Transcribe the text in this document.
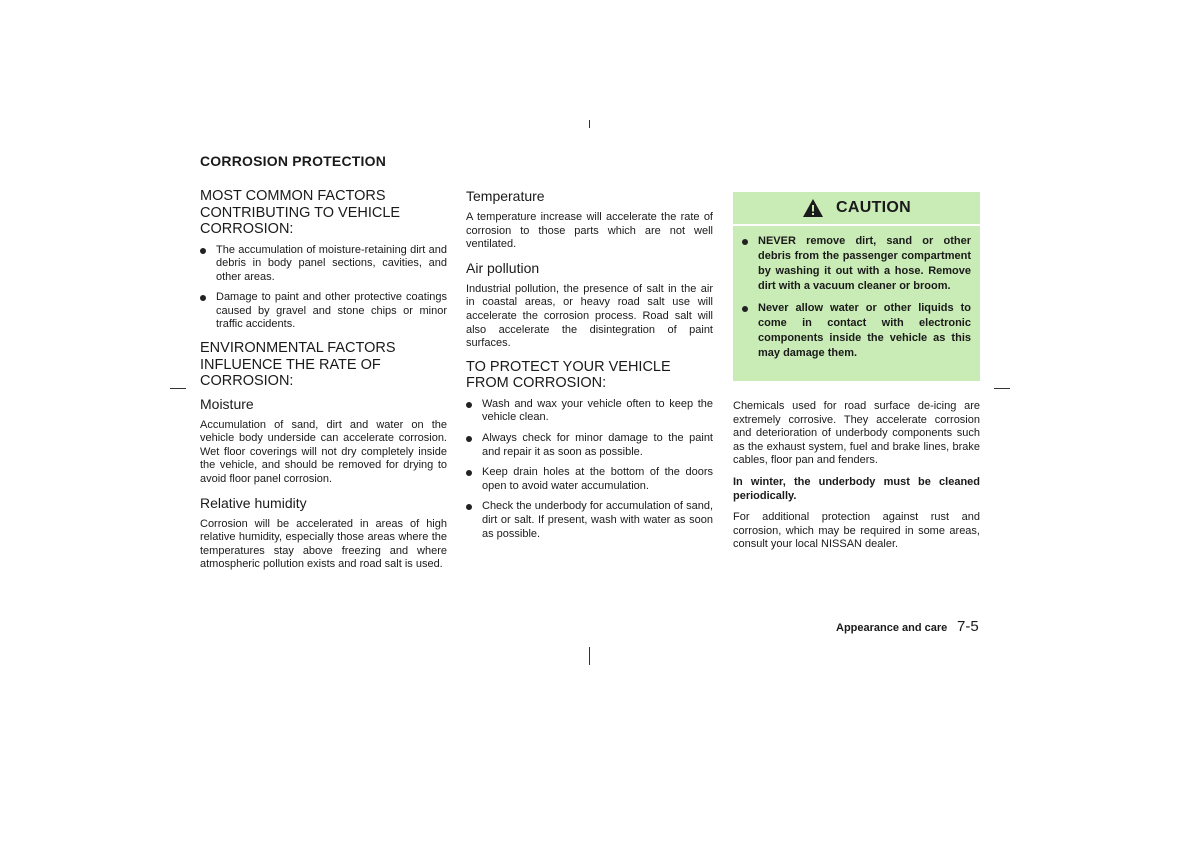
CORROSION PROTECTION
MOST COMMON FACTORS CONTRIBUTING TO VEHICLE CORROSION:
The accumulation of moisture-retaining dirt and debris in body panel sections, cavities, and other areas.
Damage to paint and other protective coatings caused by gravel and stone chips or minor traffic accidents.
ENVIRONMENTAL FACTORS INFLUENCE THE RATE OF CORROSION:
Moisture

Accumulation of sand, dirt and water on the vehicle body underside can accelerate corrosion. Wet floor coverings will not dry completely inside the vehicle, and should be removed for drying to avoid floor panel corrosion.

Relative humidity

Corrosion will be accelerated in areas of high relative humidity, especially those areas where the temperatures stay above freezing and where atmospheric pollution exists and road salt is used.

Temperature

A temperature increase will accelerate the rate of corrosion to those parts which are not well ventilated.

Air pollution

Industrial pollution, the presence of salt in the air in coastal areas, or heavy road salt use will accelerate the corrosion process. Road salt will also accelerate the disintegration of paint surfaces.

TO PROTECT YOUR VEHICLE FROM CORROSION:
Wash and wax your vehicle often to keep the vehicle clean.
Always check for minor damage to the paint and repair it as soon as possible.
Keep drain holes at the bottom of the doors open to avoid water accumulation.
Check the underbody for accumulation of sand, dirt or salt. If present, wash with water as soon as possible.
CAUTION
NEVER remove dirt, sand or other debris from the passenger compartment by washing it out with a hose. Remove dirt with a vacuum cleaner or broom.
Never allow water or other liquids to come in contact with electronic components inside the vehicle as this may damage them.

Chemicals used for road surface de-icing are extremely corrosive. They accelerate corrosion and deterioration of underbody components such as the exhaust system, fuel and brake lines, brake cables, floor pan and fenders.

In winter, the underbody must be cleaned periodically.

For additional protection against rust and corrosion, which may be required in some areas, consult your local NISSAN dealer.

Appearance and care 7-5
